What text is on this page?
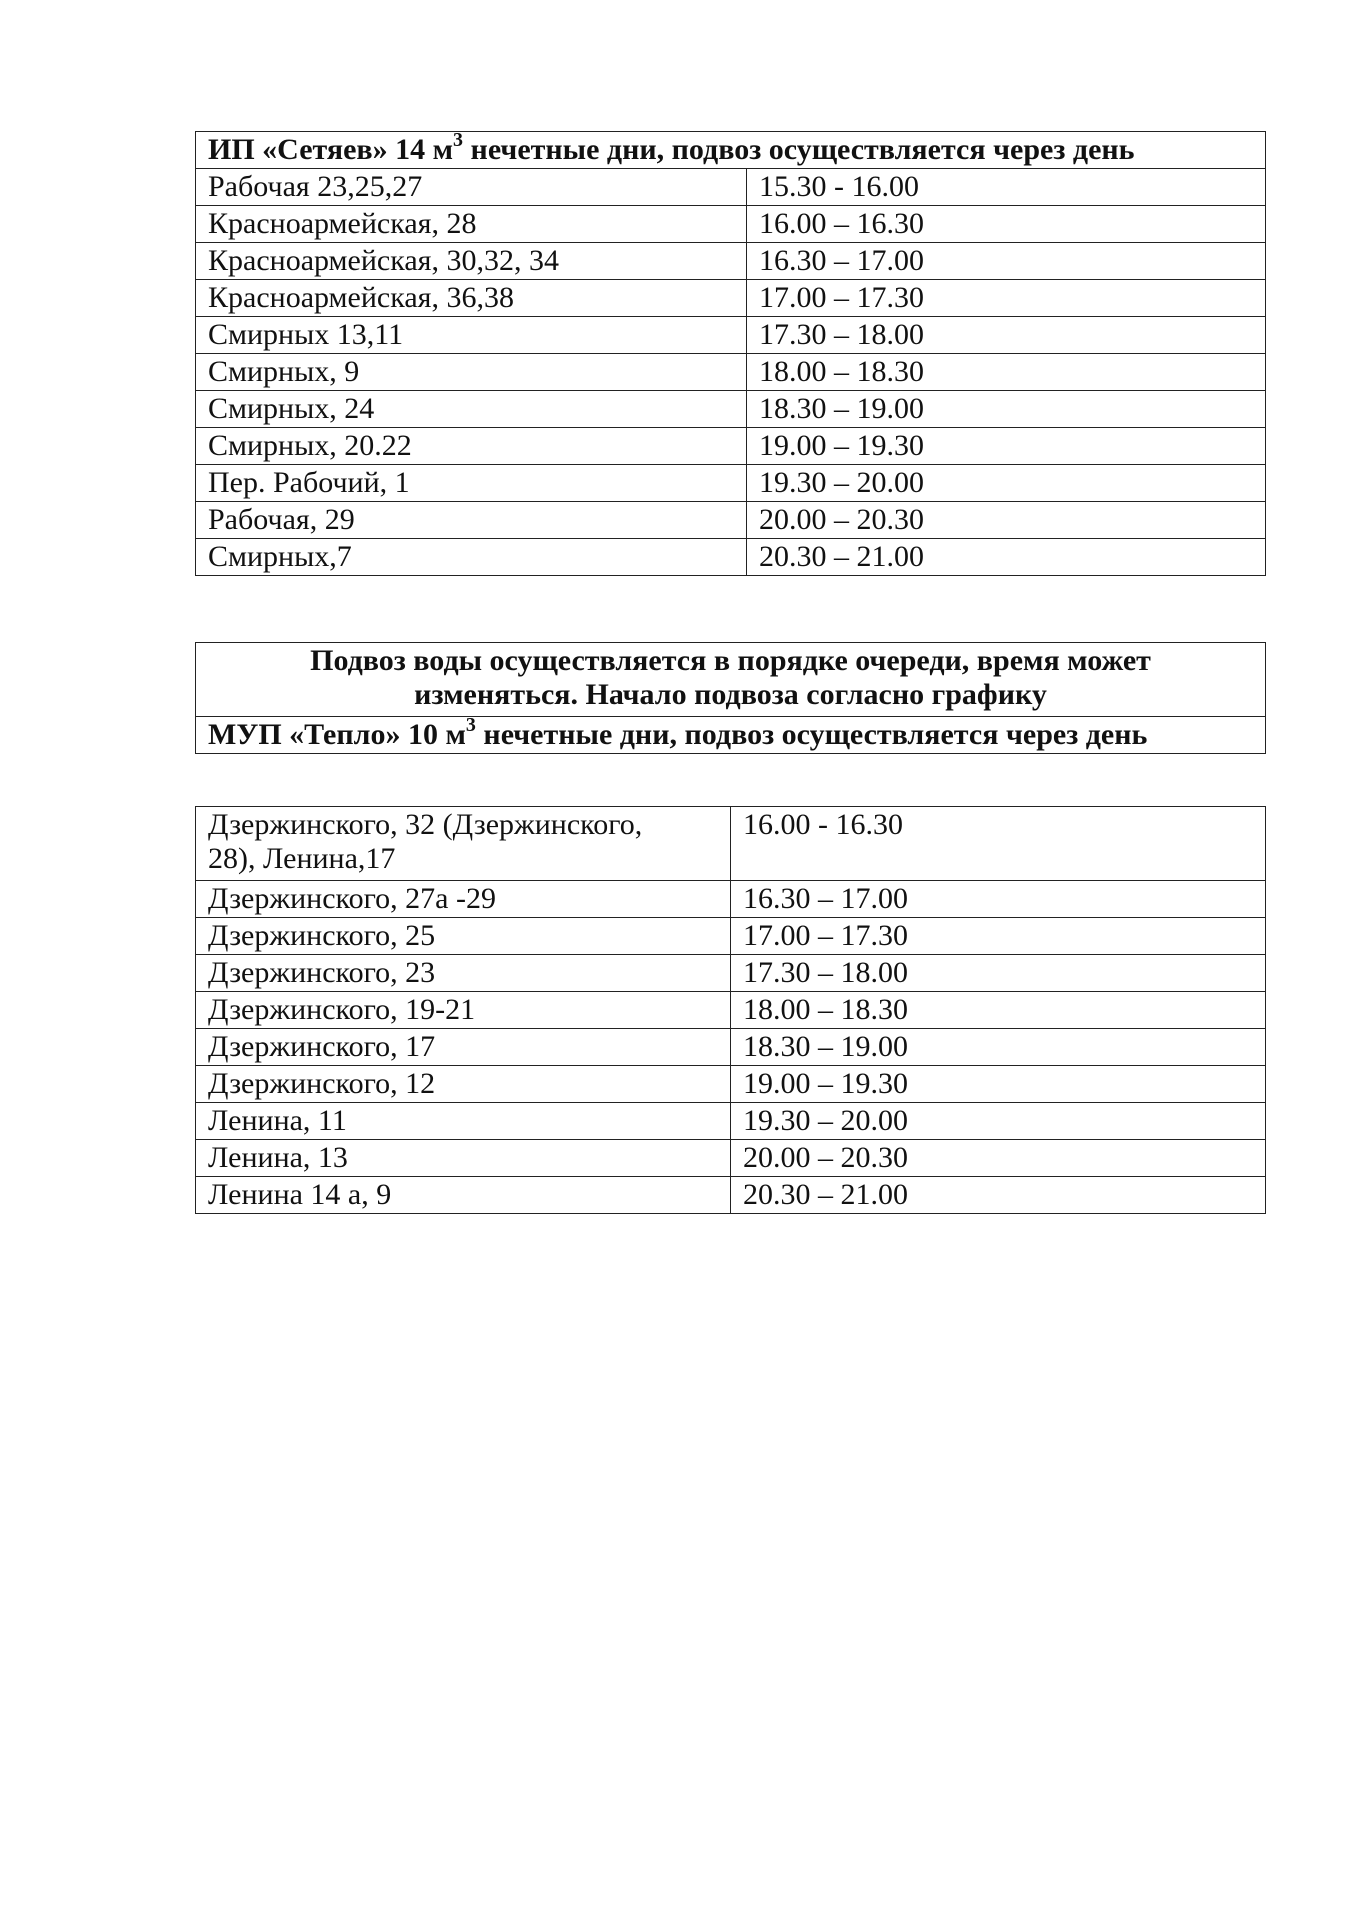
ИП «Сетяев» 14 $м^3$ нечетные дни, подвоз осуществляется через день	
Рабочая 23,25,27	15.30 - 16.00
Красноармейская, 28	16.00 – 16.30
Красноармейская, 30,32, 34	16.30 – 17.00
Красноармейская, 36,38	17.00 – 17.30
Смирных 13,11	17.30 – 18.00
Смирных, 9	18.00 – 18.30
Смирных, 24	18.30 – 19.00
Смирных, 20.22	19.00 – 19.30
Пер. Рабочий, 1	19.30 – 20.00
Рабочая, 29	20.00 – 20.30
Смирных,7	20.30 – 21.00
Подвоз воды осуществляется в порядке очереди, время может
изменяться. Начало подвоза согласно графику

МУП «Тепло» 10 $м^3$ нечетные дни, подвоз осуществляется через день
Дзержинского, 32 (Дзержинского,
28), Ленина,17	16.00 - 16.30
Дзержинского, 27а -29	16.30 – 17.00
Дзержинского, 25	17.00 – 17.30
Дзержинского, 23	17.30 – 18.00
Дзержинского, 19-21	18.00 – 18.30
Дзержинского, 17	18.30 – 19.00
Дзержинского, 12	19.00 – 19.30
Ленина, 11	19.30 – 20.00
Ленина, 13	20.00 – 20.30
Ленина 14 а, 9	20.30 – 21.00
